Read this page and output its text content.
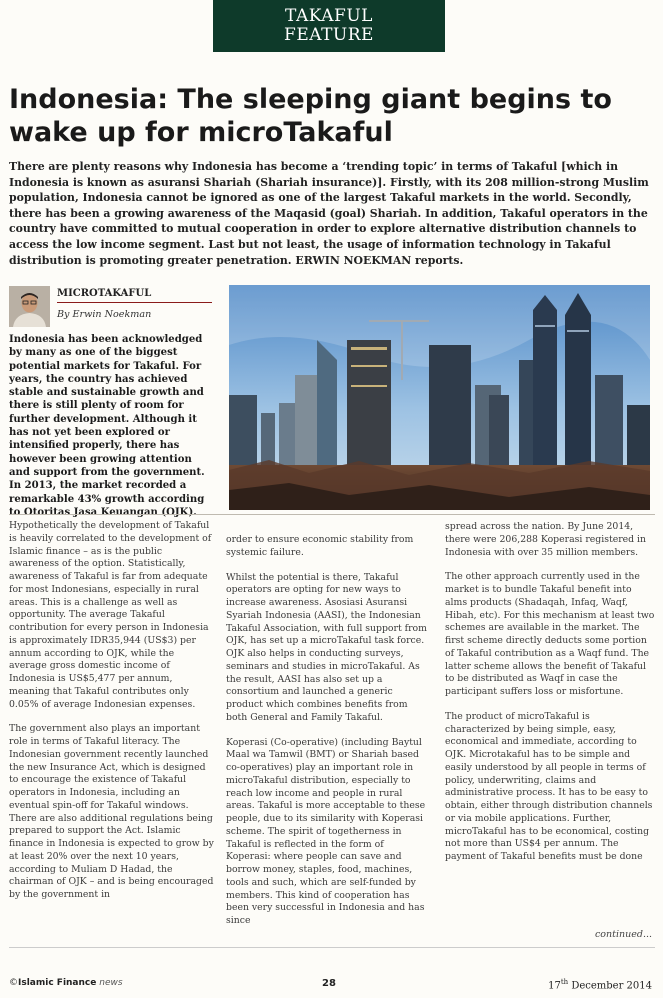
TAKAFUL
FEATURE
Indonesia: The sleeping giant begins to wake up for microTakaful

There are plenty reasons why Indonesia has become a ‘trending topic’ in terms of Takaful [which in Indonesia is known as asuransi Shariah (Shariah insurance)]. Firstly, with its 208 million-strong Muslim population, Indonesia cannot be ignored as one of the largest Takaful markets in the world. Secondly, there has been a growing awareness of the Maqasid (goal) Shariah. In addition, Takaful operators in the country have committed to mutual cooperation in order to explore alternative distribution channels to access the low income segment. Last but not least, the usage of information technology in Takaful distribution is promoting greater penetration. ERWIN NOEKMAN reports.

MICROTAKAFUL
By Erwin Noekman

Indonesia has been acknowledged by many as one of the biggest potential markets for Takaful. For years, the country has achieved stable and sustainable growth and there is still plenty of room for further development. Although it has not yet been explored or intensified properly, there has however been growing attention and support from the government. In 2013, the market recorded a remarkable 43% growth according to Otoritas Jasa Keuangan (OJK).

Hypothetically the development of Takaful is heavily correlated to the development of Islamic finance – as is the public awareness of the option. Statistically, awareness of Takaful is far from adequate for most Indonesians, especially in rural areas. This is a challenge as well as opportunity. The average Takaful contribution for every person in Indonesia is approximately IDR35,944 (US$3) per annum according to OJK, while the average gross domestic income of Indonesia is US$5,477 per annum, meaning that Takaful contributes only 0.05% of average Indonesian expenses.

The government also plays an important role in terms of Takaful literacy. The Indonesian government recently launched the new Insurance Act, which is designed to encourage the existence of Takaful operators in Indonesia, including an eventual spin-off for Takaful windows. There are also additional regulations being prepared to support the Act. Islamic finance in Indonesia is expected to grow by at least 20% over the next 10 years, according to Muliam D Hadad, the chairman of OJK – and is being encouraged by the government in

order to ensure economic stability from systemic failure.

Whilst the potential is there, Takaful operators are opting for new ways to increase awareness. Asosiasi Asuransi Syariah Indonesia (AASI), the Indonesian Takaful Association, with full support from OJK, has set up a microTakaful task force. OJK also helps in conducting surveys, seminars and studies in microTakaful. As the result, AASI has also set up a consortium and launched a generic product which combines benefits from both General and Family Takaful.

Koperasi (Co-operative) (including Baytul Maal wa Tamwil (BMT) or Shariah based co-operatives) play an important role in microTakaful distribution, especially to reach low income and people in rural areas. Takaful is more acceptable to these people, due to its similarity with Koperasi scheme. The spirit of togetherness in Takaful is reflected in the form of Koperasi: where people can save and borrow money, staples, food, machines, tools and such, which are self-funded by members. This kind of cooperation has been very successful in Indonesia and has since

spread across the nation. By June 2014, there were 206,288 Koperasi registered in Indonesia with over 35 million members.

The other approach currently used in the market is to bundle Takaful benefit into alms products (Shadaqah, Infaq, Waqf, Hibah, etc). For this mechanism at least two schemes are available in the market. The first scheme directly deducts some portion of Takaful contribution as a Waqf fund. The latter scheme allows the benefit of Takaful to be distributed as Waqf in case the participant suffers loss or misfortune.

The product of microTakaful is characterized by being simple, easy, economical and immediate, according to OJK. Microtakaful has to be simple and easily understood by all people in terms of policy, underwriting, claims and administrative process. It has to be easy to obtain, either through distribution channels or via mobile applications. Further, microTakaful has to be economical, costing not more than US$4 per annum. The payment of Takaful benefits must be done

continued...
©Islamic Finance news	28	17th December 2014
